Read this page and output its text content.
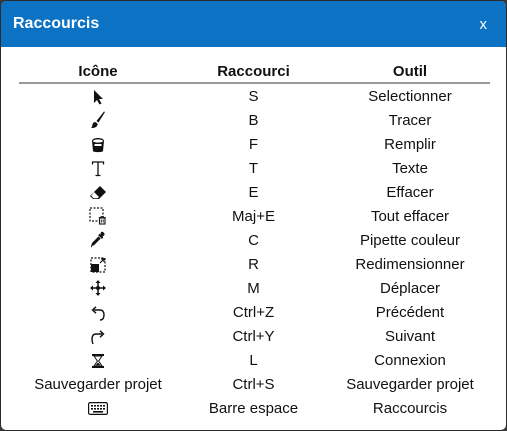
Raccourcis	x
Icône	Raccourci	Outil
	S	Selectionner
	B	Tracer
	F	Remplir
	T	Texte
	E	Effacer
	Maj+E	Tout effacer
	C	Pipette couleur
	R	Redimensionner
	M	Déplacer
	Ctrl+Z	Précédent
	Ctrl+Y	Suivant
	L	Connexion
Sauvegarder projet	Ctrl+S	Sauvegarder projet
	Barre espace	Raccourcis
